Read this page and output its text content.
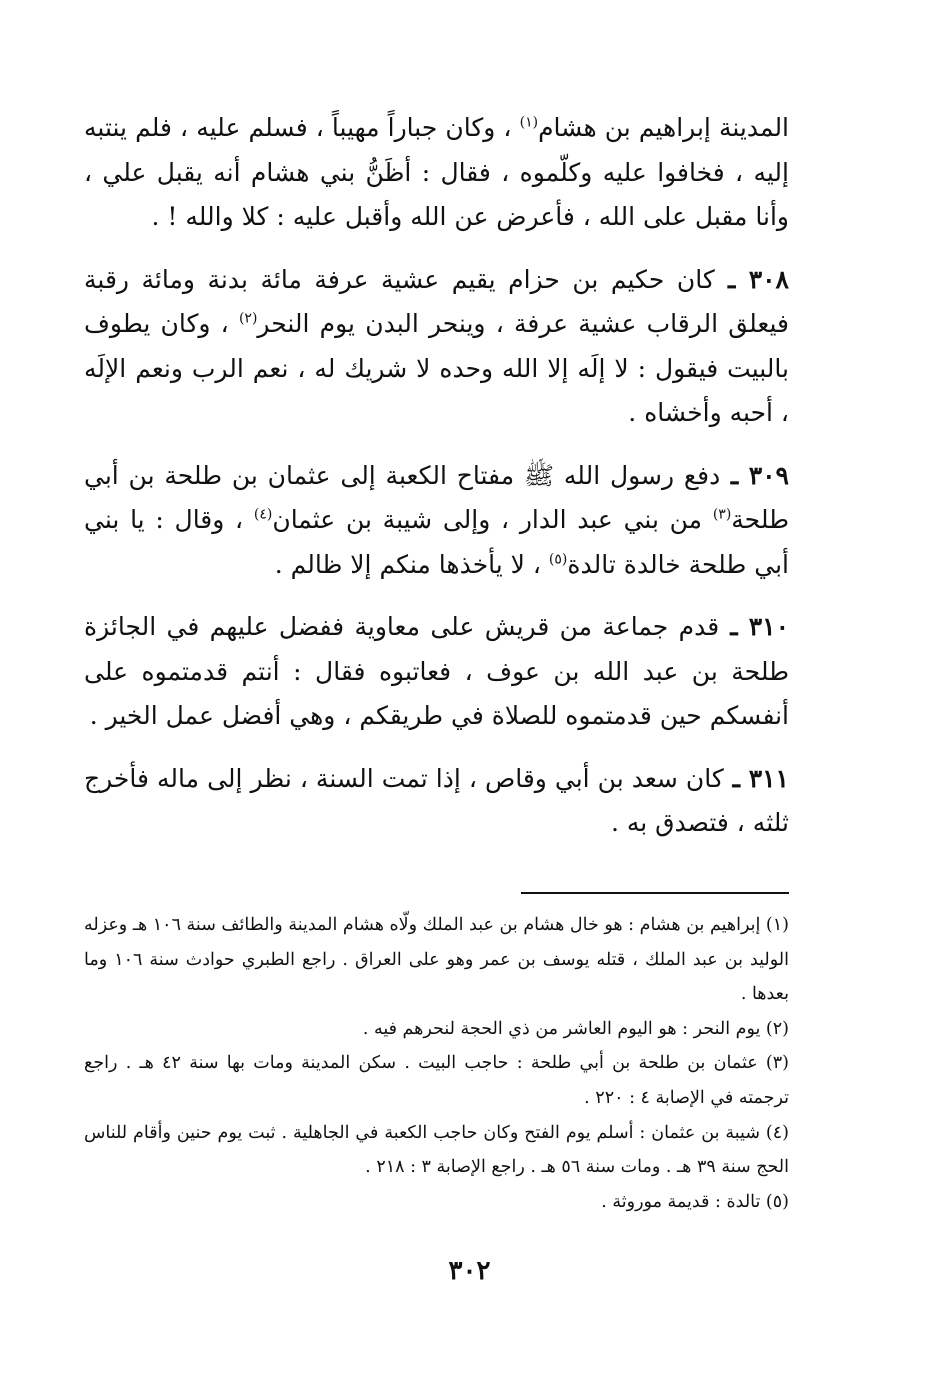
المدينة إبراهيم بن هشام$^{(١)}$ ، وكان جباراً مهيباً ، فسلم عليه ، فلم ينتبه إليه ، فخافوا عليه وكلّموه ، فقال : أظَنُّ بني هشام أنه يقبل علي ، وأنا مقبل على الله ، فأعرض عن الله وأقبل عليه : كلا والله ! .

٣٠٨ ـ كان حكيم بن حزام يقيم عشية عرفة مائة بدنة ومائة رقبة فيعلق الرقاب عشية عرفة ، وينحر البدن يوم النحر$^{(٢)}$ ، وكان يطوف بالبيت فيقول : لا إلَه إلا الله وحده لا شريك له ، نعم الرب ونعم الإلَه ، أحبه وأخشاه .

٣٠٩ ـ دفع رسول الله ﷺ مفتاح الكعبة إلى عثمان بن طلحة بن أبي طلحة$^{(٣)}$ من بني عبد الدار ، وإلى شيبة بن عثمان$^{(٤)}$ ، وقال : يا بني أبي طلحة خالدة تالدة$^{(٥)}$ ، لا يأخذها منكم إلا ظالم .

٣١٠ ـ قدم جماعة من قريش على معاوية ففضل عليهم في الجائزة طلحة بن عبد الله بن عوف ، فعاتبوه فقال : أنتم قدمتموه على أنفسكم حين قدمتموه للصلاة في طريقكم ، وهي أفضل عمل الخير .

٣١١ ـ كان سعد بن أبي وقاص ، إذا تمت السنة ، نظر إلى ماله فأخرج ثلثه ، فتصدق به .

(١) إبراهيم بن هشام : هو خال هشام بن عبد الملك ولّاه هشام المدينة والطائف سنة ١٠٦ هـ وعزله الوليد بن عبد الملك ، قتله يوسف بن عمر وهو على العراق . راجع الطبري حوادث سنة ١٠٦ وما بعدها .

(٢) يوم النحر : هو اليوم العاشر من ذي الحجة لنحرهم فيه .

(٣) عثمان بن طلحة بن أبي طلحة : حاجب البيت . سكن المدينة ومات بها سنة ٤٢ هـ . راجع ترجمته في الإصابة ٤ : ٢٢٠ .

(٤) شيبة بن عثمان : أسلم يوم الفتح وكان حاجب الكعبة في الجاهلية . ثبت يوم حنين وأقام للناس الحج سنة ٣٩ هـ . ومات سنة ٥٦ هـ . راجع الإصابة ٣ : ٢١٨ .

(٥) تالدة : قديمة موروثة .

٣٠٢
